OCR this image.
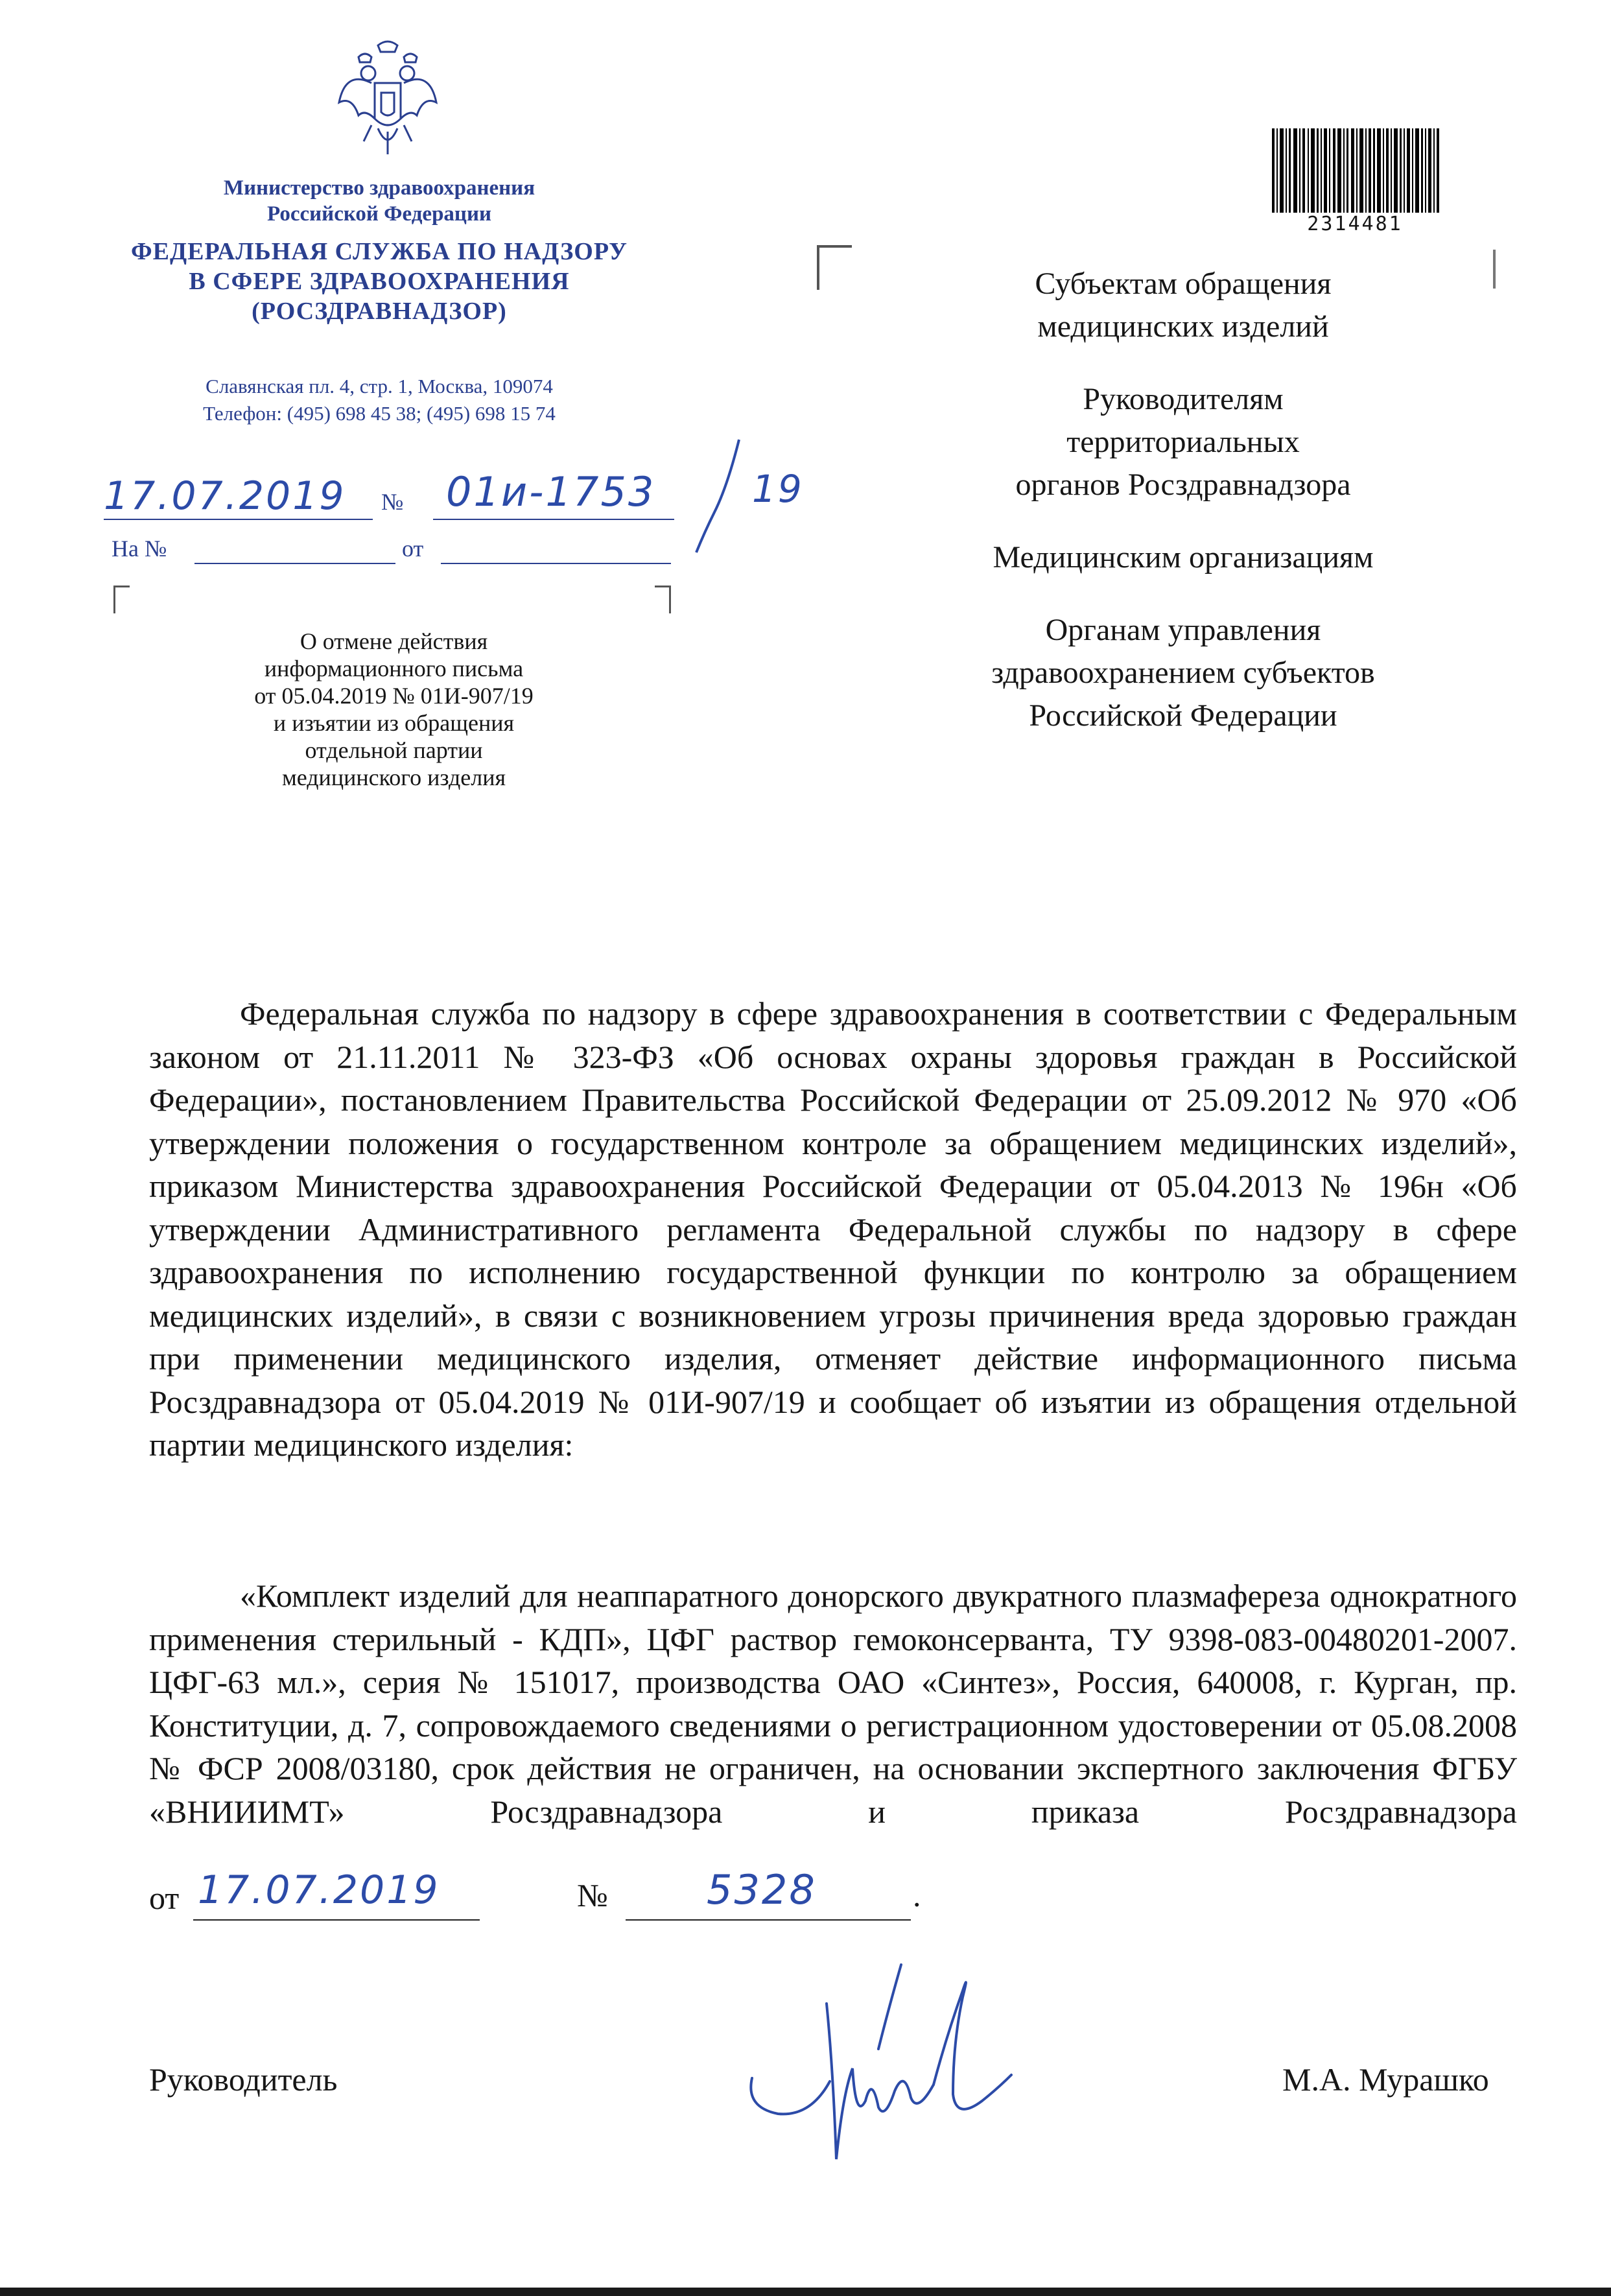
Министерство здравоохранения
Российской Федерации
ФЕДЕРАЛЬНАЯ СЛУЖБА ПО НАДЗОРУ
В СФЕРЕ ЗДРАВООХРАНЕНИЯ
(РОСЗДРАВНАДЗОР)
Славянская пл. 4, стр. 1, Москва, 109074
Телефон: (495) 698 45 38; (495) 698 15 74
17.07.2019 № 01и-1753	19
На №	от
О отмене действия
информационного письма
от 05.04.2019 № 01И-907/19
и изъятии из обращения
отдельной партии
медицинского изделия
2314481
Субъектам обращения
медицинских изделий
Руководителям
территориальных
органов Росздравнадзора
Медицинским организациям
Органам управления
здравоохранением субъектов
Российской Федерации
Федеральная служба по надзору в сфере здравоохранения в соответствии с Федеральным законом от 21.11.2011 № 323-ФЗ «Об основах охраны здоровья граждан в Российской Федерации», постановлением Правительства Российской Федерации от 25.09.2012 № 970 «Об утверждении положения о государственном контроле за обращением медицинских изделий», приказом Министерства здравоохранения Российской Федерации от 05.04.2013 № 196н «Об утверждении Административного регламента Федеральной службы по надзору в сфере здравоохранения по исполнению государственной функции по контролю за обращением медицинских изделий», в связи с возникновением угрозы причинения вреда здоровью граждан при применении медицинского изделия, отменяет действие информационного письма Росздравнадзора от 05.04.2019 № 01И-907/19 и сообщает об изъятии из обращения отдельной партии медицинского изделия:
«Комплект изделий для неаппаратного донорского двукратного плазмафереза однократного применения стерильный - КДП», ЦФГ раствор гемоконсерванта, ТУ 9398-083-00480201-2007. ЦФГ-63 мл.», серия № 151017, производства ОАО «Синтез», Россия, 640008, г. Курган, пр. Конституции, д. 7, сопровождаемого сведениями о регистрационном удостоверении от 05.08.2008 № ФСР 2008/03180, срок действия не ограничен, на основании экспертного заключения ФГБУ «ВНИИИМТ» Росздравнадзора и приказа Росздравнадзора
от 17.07.2019	№ 5328	.
Руководитель	М.А. Мурашко
